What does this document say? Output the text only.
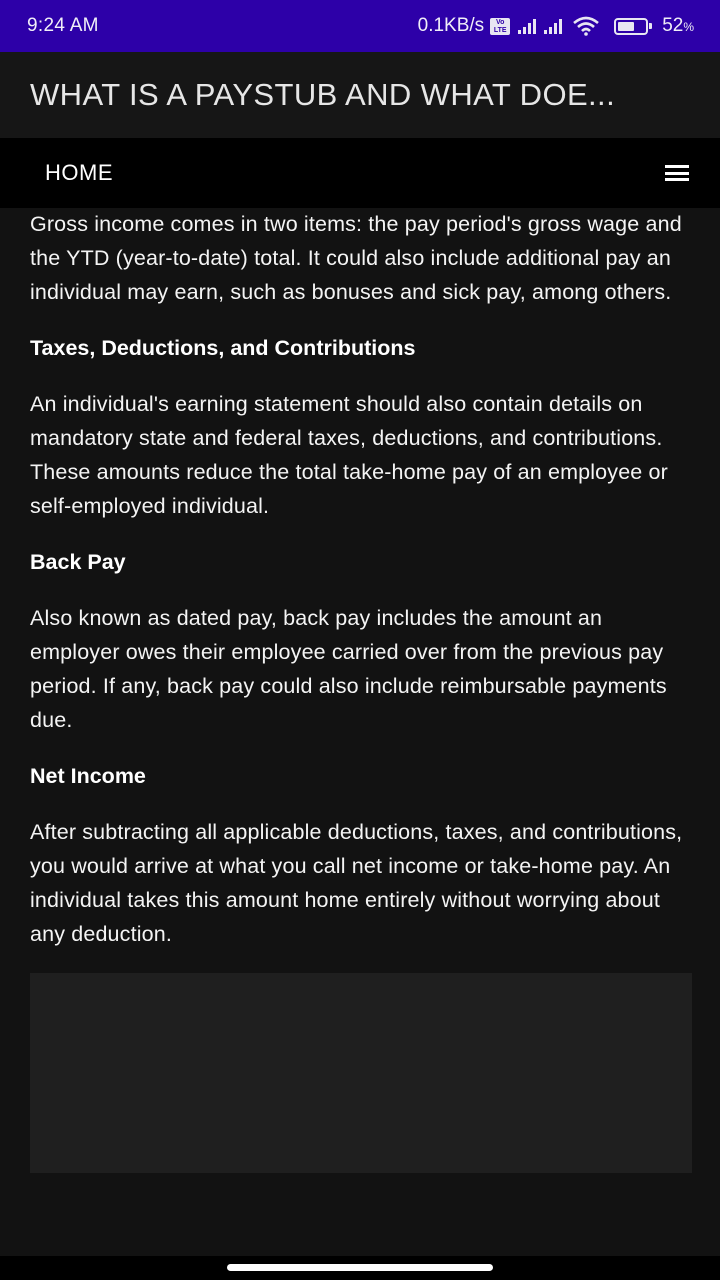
9:24 AM	0.1KB/s	Vo
LTE	52%
WHAT IS A PAYSTUB AND WHAT DOE...
HOME

Gross income comes in two items: the pay period's gross wage and the YTD (year-to-date) total. It could also include additional pay an individual may earn, such as bonuses and sick pay, among others.

Taxes, Deductions, and Contributions

An individual's earning statement should also contain details on mandatory state and federal taxes, deductions, and contributions. These amounts reduce the total take-home pay of an employee or self-employed individual.

Back Pay

Also known as dated pay, back pay includes the amount an employer owes their employee carried over from the previous pay period. If any, back pay could also include reimbursable payments due.

Net Income

After subtracting all applicable deductions, taxes, and contributions, you would arrive at what you call net income or take-home pay. An individual takes this amount home entirely without worrying about any deduction.
